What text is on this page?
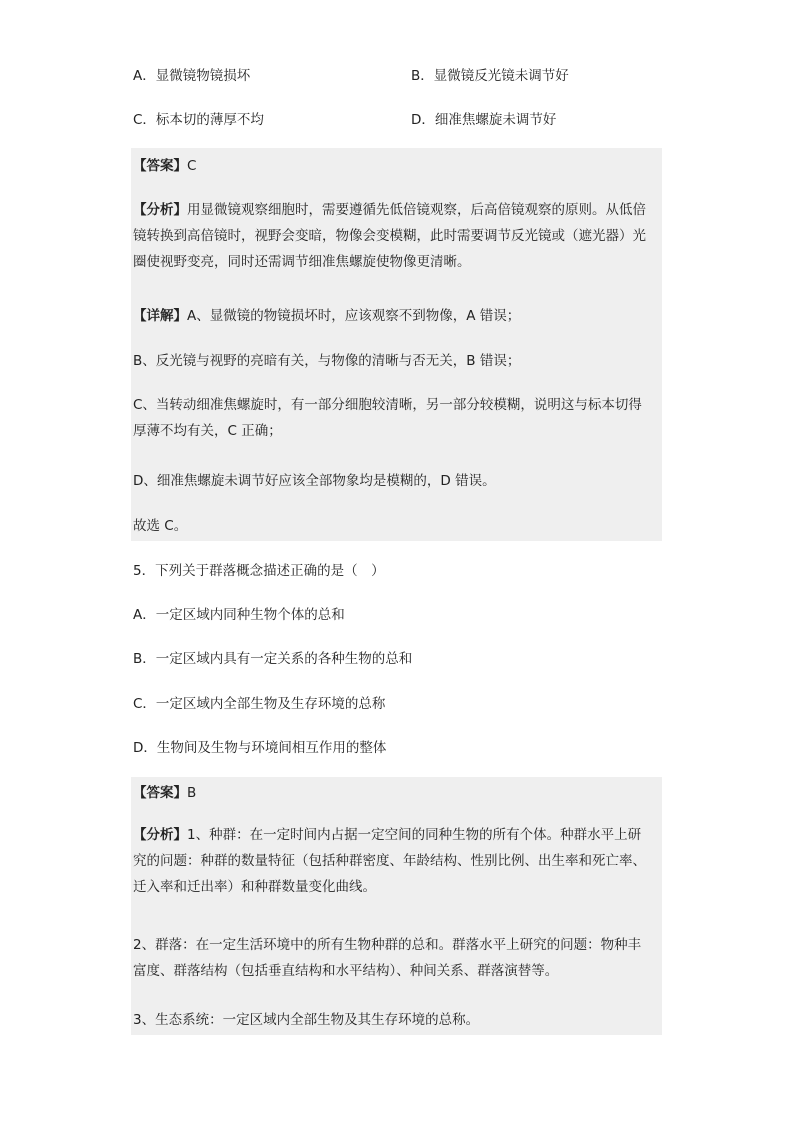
A．显微镜物镜损坏	B．显微镜反光镜未调节好
C．标本切的薄厚不均	D．细准焦螺旋未调节好
【答案】C
【分析】用显微镜观察细胞时，需要遵循先低倍镜观察，后高倍镜观察的原则。从低倍
镜转换到高倍镜时，视野会变暗，物像会变模糊，此时需要调节反光镜或（遮光器）光
圈使视野变亮，同时还需调节细准焦螺旋使物像更清晰。
【详解】A、显微镜的物镜损坏时，应该观察不到物像，A 错误；
B、反光镜与视野的亮暗有关，与物像的清晰与否无关，B 错误；
C、当转动细准焦螺旋时，有一部分细胞较清晰，另一部分较模糊，说明这与标本切得
厚薄不均有关，C 正确；
D、细准焦螺旋未调节好应该全部物象均是模糊的，D 错误。
故选 C。
5．下列关于群落概念描述正确的是（　）
A．一定区域内同种生物个体的总和
B．一定区域内具有一定关系的各种生物的总和
C．一定区域内全部生物及生存环境的总称
D．生物间及生物与环境间相互作用的整体
【答案】B
【分析】1、种群：在一定时间内占据一定空间的同种生物的所有个体。种群水平上研
究的问题：种群的数量特征（包括种群密度、年龄结构、性别比例、出生率和死亡率、
迁入率和迁出率）和种群数量变化曲线。
2、群落：在一定生活环境中的所有生物种群的总和。群落水平上研究的问题：物种丰
富度、群落结构（包括垂直结构和水平结构）、种间关系、群落演替等。
3、生态系统：一定区域内全部生物及其生存环境的总称。
